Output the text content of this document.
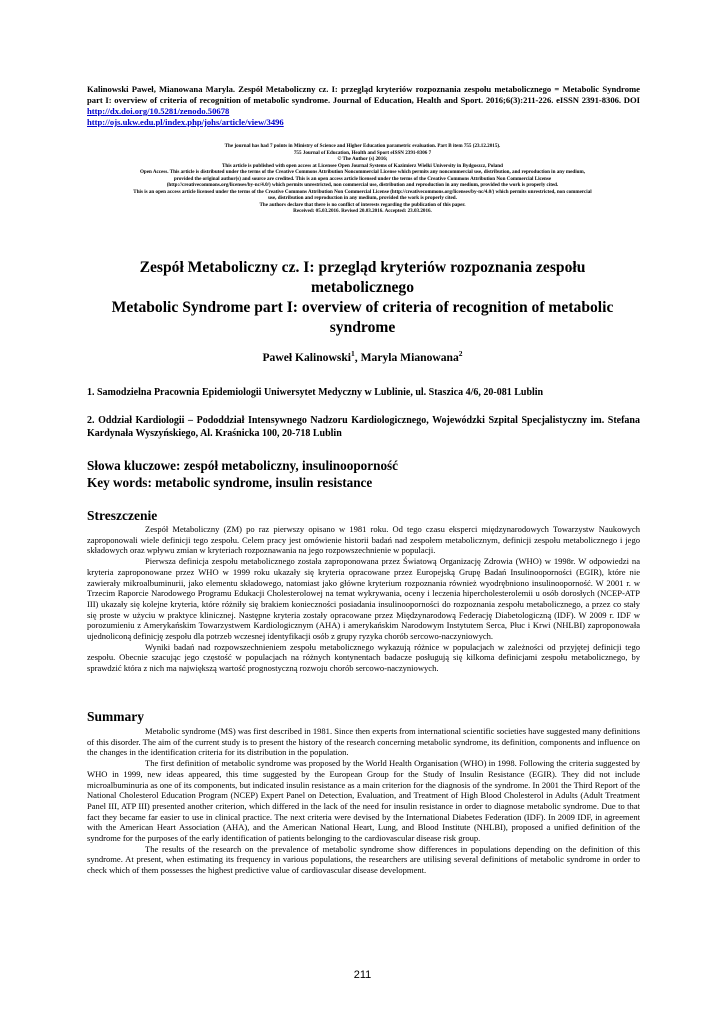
Kalinowski Paweł, Mianowana Maryla. Zespół Metaboliczny cz. I: przegląd kryteriów rozpoznania zespołu metabolicznego = Metabolic Syndrome part I: overview of criteria of recognition of metabolic syndrome. Journal of Education, Health and Sport. 2016;6(3):211-226. eISSN 2391-8306. DOI http://dx.doi.org/10.5281/zenodo.50678
http://ojs.ukw.edu.pl/index.php/johs/article/view/3496
The journal has had 7 points in Ministry of Science and Higher Education parametric evaluation. Part B item 755 (23.12.2015).
755 Journal of Education, Health and Sport eISSN 2391-8306 7
© The Author (s) 2016;
This article is published with open access at Licensee Open Journal Systems of Kazimierz Wielki University in Bydgoszcz, Poland
Open Access. This article is distributed under the terms of the Creative Commons Attribution Noncommercial License which permits any noncommercial use, distribution, and reproduction in any medium,
provided the original author(s) and source are credited. This is an open access article licensed under the terms of the Creative Commons Attribution Non Commercial License
(http://creativecommons.org/licenses/by-nc/4.0/) which permits unrestricted, non commercial use, distribution and reproduction in any medium, provided the work is properly cited.
This is an open access article licensed under the terms of the Creative Commons Attribution Non Commercial License (http://creativecommons.org/licenses/by-nc/4.0/) which permits unrestricted, non commercial
use, distribution and reproduction in any medium, provided the work is properly cited.
The authors declare that there is no conflict of interests regarding the publication of this paper.
Received: 05.03.2016. Revised 20.03.2016. Accepted: 23.03.2016.
Zespół Metaboliczny cz. I: przegląd kryteriów rozpoznania zespołu
metabolicznego
Metabolic Syndrome part I: overview of criteria of recognition of metabolic
syndrome
Paweł Kalinowski$^1$, Maryla Mianowana$^2$
1. Samodzielna Pracownia Epidemiologii Uniwersytet Medyczny w Lublinie, ul. Staszica 4/6, 20-081 Lublin
2. Oddział Kardiologii – Pododdział Intensywnego Nadzoru Kardiologicznego, Wojewódzki Szpital Specjalistyczny im. Stefana Kardynała Wyszyńskiego, Al. Kraśnicka 100, 20-718 Lublin
Słowa kluczowe: zespół metaboliczny, insulinooporność
Key words: metabolic syndrome, insulin resistance
Streszczenie

Zespół Metaboliczny (ZM) po raz pierwszy opisano w 1981 roku. Od tego czasu eksperci międzynarodowych Towarzystw Naukowych zaproponowali wiele definicji tego zespołu. Celem pracy jest omówienie historii badań nad zespołem metabolicznym, definicji zespołu metabolicznego i jego składowych oraz wpływu zmian w kryteriach rozpoznawania na jego rozpowszechnienie w populacji.

Pierwsza definicja zespołu metabolicznego została zaproponowana przez Światową Organizację Zdrowia (WHO) w 1998r. W odpowiedzi na kryteria zaproponowane przez WHO w 1999 roku ukazały się kryteria opracowane przez Europejską Grupę Badań Insulinooporności (EGIR), które nie zawierały mikroalbuminurii, jako elementu składowego, natomiast jako główne kryterium rozpoznania również wyodrębniono insulinooporność. W 2001 r. w Trzecim Raporcie Narodowego Programu Edukacji Cholesterolowej na temat wykrywania, oceny i leczenia hipercholesterolemii u osób dorosłych (NCEP-ATP III) ukazały się kolejne kryteria, które różniły się brakiem konieczności posiadania insulinooporności do rozpoznania zespołu metabolicznego, a przez co stały się proste w użyciu w praktyce klinicznej. Następne kryteria zostały opracowane przez Międzynarodową Federację Diabetologiczną (IDF). W 2009 r. IDF w porozumieniu z Amerykańskim Towarzystwem Kardiologicznym (AHA) i amerykańskim Narodowym Instytutem Serca, Płuc i Krwi (NHLBI) zaproponowała ujednoliconą definicję zespołu dla potrzeb wczesnej identyfikacji osób z grupy ryzyka chorób sercowo-naczyniowych.

Wyniki badań nad rozpowszechnieniem zespołu metabolicznego wykazują różnice w populacjach w zależności od przyjętej definicji tego zespołu. Obecnie szacując jego częstość w populacjach na różnych kontynentach badacze posługują się kilkoma definicjami zespołu metabolicznego, by sprawdzić która z nich ma największą wartość prognostyczną rozwoju chorób sercowo-naczyniowych.

Summary

Metabolic syndrome (MS) was first described in 1981. Since then experts from international scientific societies have suggested many definitions of this disorder. The aim of the current study is to present the history of the research concerning metabolic syndrome, its definition, components and influence on the changes in the identification criteria for its distribution in the population.

The first definition of metabolic syndrome was proposed by the World Health Organisation (WHO) in 1998. Following the criteria suggested by WHO in 1999, new ideas appeared, this time suggested by the European Group for the Study of Insulin Resistance (EGIR). They did not include microalbuminuria as one of its components, but indicated insulin resistance as a main criterion for the diagnosis of the syndrome. In 2001 the Third Report of the National Cholesterol Education Program (NCEP) Expert Panel on Detection, Evaluation, and Treatment of High Blood Cholesterol in Adults (Adult Treatment Panel III, ATP III) presented another criterion, which differed in the lack of the need for insulin resistance in order to diagnose metabolic syndrome. Due to that fact they became far easier to use in clinical practice. The next criteria were devised by the International Diabetes Federation (IDF). In 2009 IDF, in agreement with the American Heart Association (AHA), and the American National Heart, Lung, and Blood Institute (NHLBI), proposed a unified definition of the syndrome for the purposes of the early identification of patients belonging to the cardiovascular disease risk group.

The results of the research on the prevalence of metabolic syndrome show differences in populations depending on the definition of this syndrome. At present, when estimating its frequency in various populations, the researchers are utilising several definitions of metabolic syndrome in order to check which of them possesses the highest predictive value of cardiovascular disease development.

211
